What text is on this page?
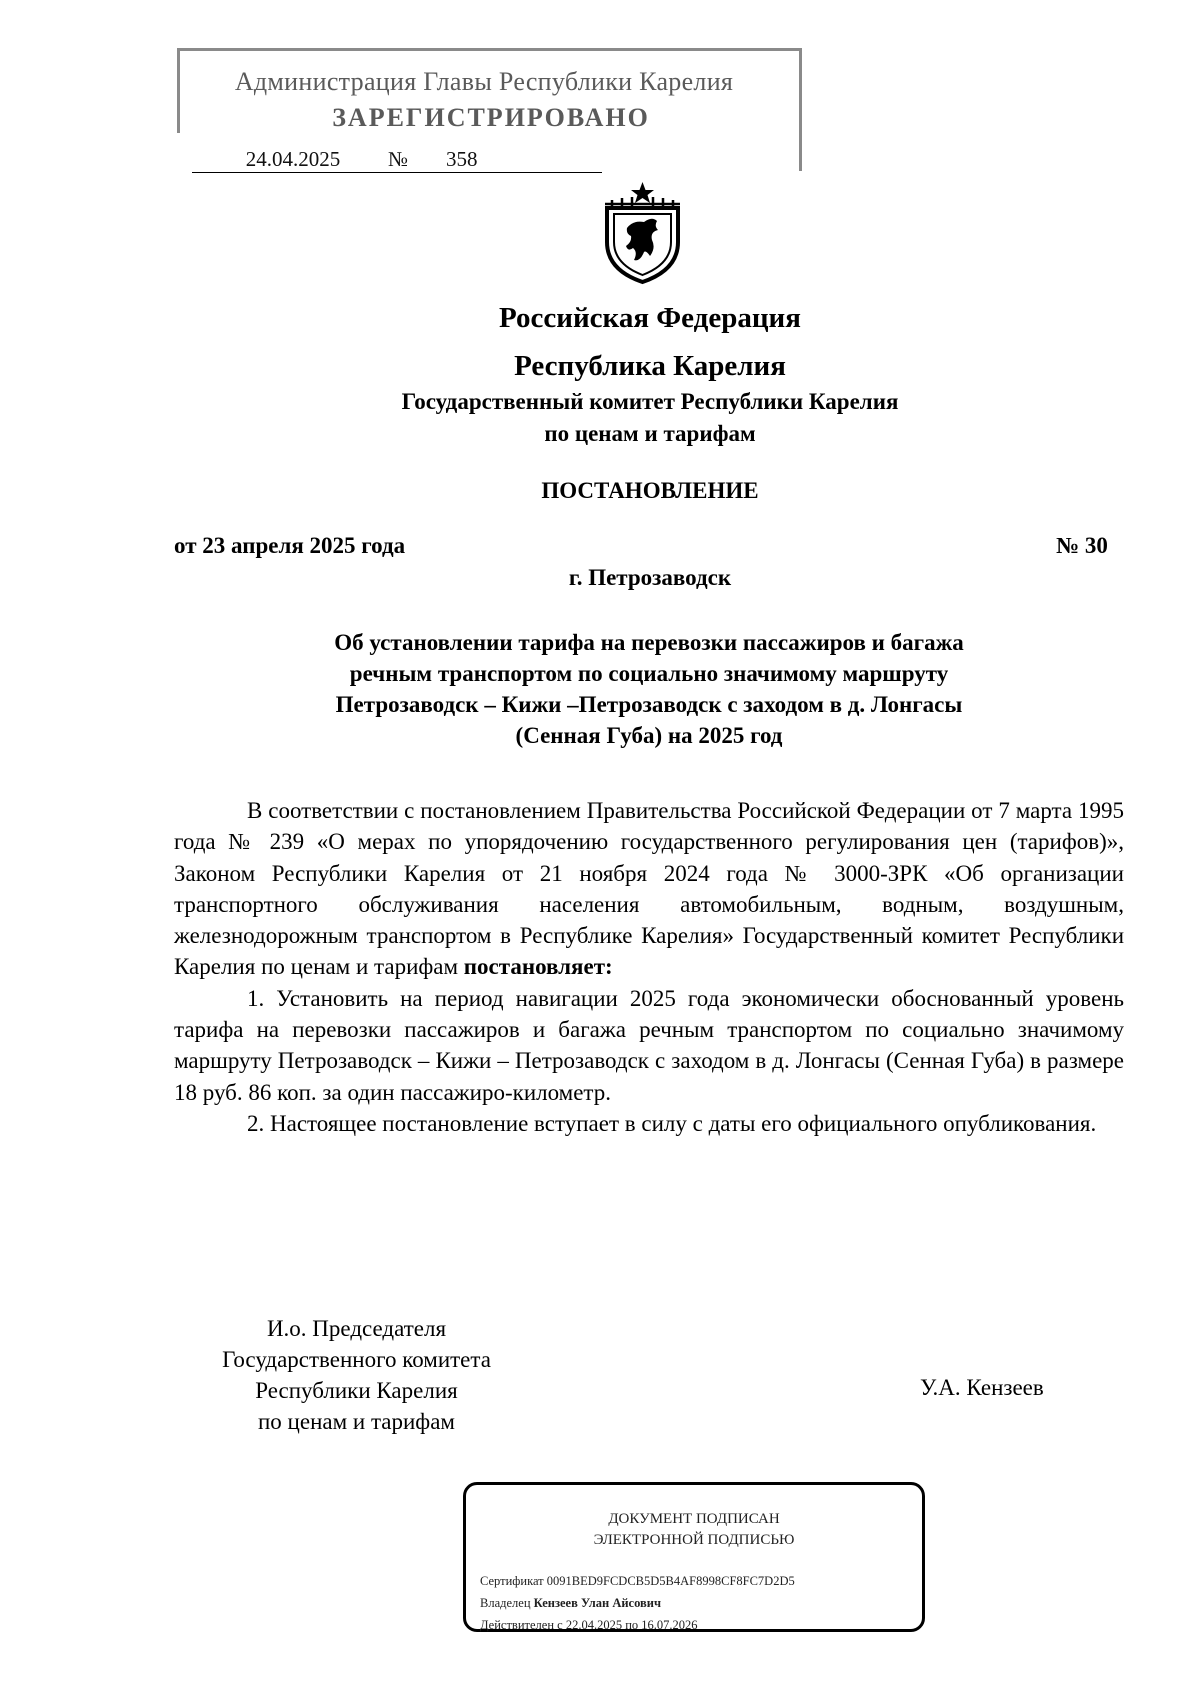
Администрация Главы Республики Карелия
ЗАРЕГИСТРИРОВАНО
24.04.2025	№	358
Российская Федерация
Республика Карелия
Государственный комитет Республики Карелия
по ценам и тарифам
ПОСТАНОВЛЕНИЕ
от 23 апреля 2025 года	№ 30
г. Петрозаводск
Об установлении тарифа на перевозки пассажиров и багажа
речным транспортом по социально значимому маршруту
Петрозаводск – Кижи –Петрозаводск с заходом в д. Лонгасы
(Сенная Губа) на 2025 год

В соответствии с постановлением Правительства Российской Федерации от 7 марта 1995 года № 239 «О мерах по упорядочению государственного регулирования цен (тарифов)», Законом Республики Карелия от 21 ноября 2024 года № 3000-ЗРК «Об организации транспортного обслуживания населения автомобильным, водным, воздушным, железнодорожным транспортом в Республике Карелия» Государственный комитет Республики Карелия по ценам и тарифам постановляет:

1. Установить на период навигации 2025 года экономически обоснованный уровень тарифа на перевозки пассажиров и багажа речным транспортом по социально значимому маршруту Петрозаводск – Кижи – Петрозаводск с заходом в д. Лонгасы (Сенная Губа) в размере 18 руб. 86 коп. за один пассажиро-километр.

2. Настоящее постановление вступает в силу с даты его официального опубликования.

И.о. Председателя
Государственного комитета
Республики Карелия
по ценам и тарифам
У.А. Кензеев
ДОКУМЕНТ ПОДПИСАН
ЭЛЕКТРОННОЙ ПОДПИСЬЮ
Сертификат 0091BED9FCDCB5D5B4AF8998CF8FC7D2D5
Владелец Кензеев Улан Айсович
Действителен с 22.04.2025 по 16.07.2026
